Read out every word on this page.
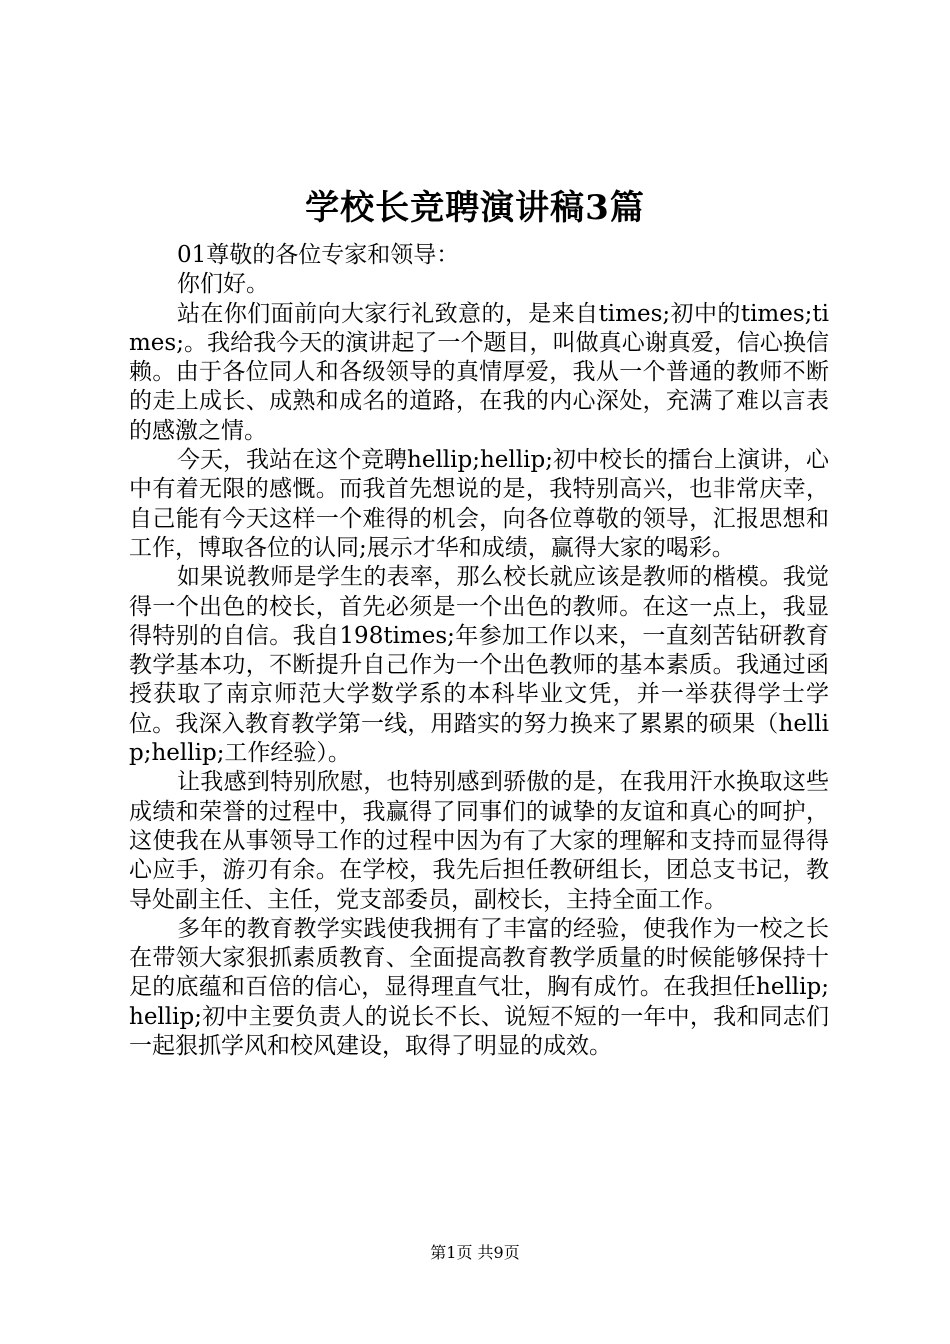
学校长竞聘演讲稿3篇

01尊敬的各位专家和领导：

你们好。

站在你们面前向大家行礼致意的，是来自times;初中的times;times;。我给我今天的演讲起了一个题目，叫做真心谢真爱，信心换信赖。由于各位同人和各级领导的真情厚爱，我从一个普通的教师不断的走上成长、成熟和成名的道路，在我的内心深处，充满了难以言表的感激之情。

今天，我站在这个竞聘hellip;hellip;初中校长的擂台上演讲，心中有着无限的感慨。而我首先想说的是，我特别高兴，也非常庆幸，自己能有今天这样一个难得的机会，向各位尊敬的领导，汇报思想和工作，博取各位的认同;展示才华和成绩，赢得大家的喝彩。

如果说教师是学生的表率，那么校长就应该是教师的楷模。我觉得一个出色的校长，首先必须是一个出色的教师。在这一点上，我显得特别的自信。我自198times;年参加工作以来，一直刻苦钻研教育教学基本功，不断提升自己作为一个出色教师的基本素质。我通过函授获取了南京师范大学数学系的本科毕业文凭，并一举获得学士学位。我深入教育教学第一线，用踏实的努力换来了累累的硕果（hellip;hellip;工作经验）。

让我感到特别欣慰，也特别感到骄傲的是，在我用汗水换取这些成绩和荣誉的过程中，我赢得了同事们的诚挚的友谊和真心的呵护，这使我在从事领导工作的过程中因为有了大家的理解和支持而显得得心应手，游刃有余。在学校，我先后担任教研组长，团总支书记，教导处副主任、主任，党支部委员，副校长，主持全面工作。

多年的教育教学实践使我拥有了丰富的经验，使我作为一校之长在带领大家狠抓素质教育、全面提高教育教学质量的时候能够保持十足的底蕴和百倍的信心，显得理直气壮，胸有成竹。在我担任hellip;hellip;初中主要负责人的说长不长、说短不短的一年中，我和同志们一起狠抓学风和校风建设，取得了明显的成效。

第1页 共9页
